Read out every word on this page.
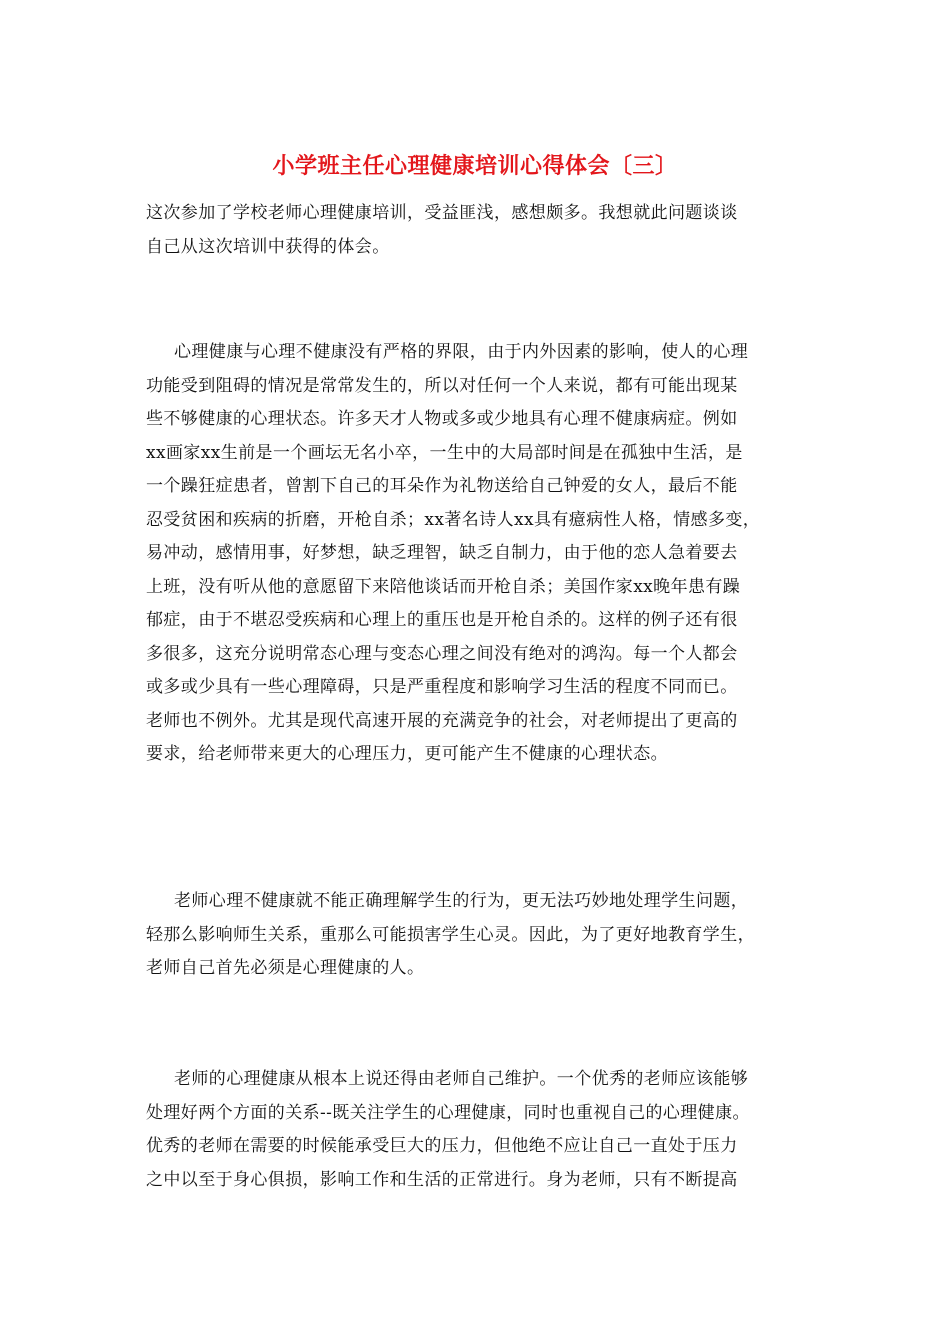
小学班主任心理健康培训心得体会〔三〕
这次参加了学校老师心理健康培训，受益匪浅，感想颇多。我想就此问题谈谈
自己从这次培训中获得的体会。
心理健康与心理不健康没有严格的界限，由于内外因素的影响，使人的心理
功能受到阻碍的情况是常常发生的，所以对任何一个人来说，都有可能出现某
些不够健康的心理状态。许多天才人物或多或少地具有心理不健康病症。例如
xx画家xx生前是一个画坛无名小卒，一生中的大局部时间是在孤独中生活，是
一个躁狂症患者，曾割下自己的耳朵作为礼物送给自己钟爱的女人，最后不能
忍受贫困和疾病的折磨，开枪自杀；xx著名诗人xx具有癔病性人格，情感多变，
易冲动，感情用事，好梦想，缺乏理智，缺乏自制力，由于他的恋人急着要去
上班，没有听从他的意愿留下来陪他谈话而开枪自杀；美国作家xx晚年患有躁
郁症，由于不堪忍受疾病和心理上的重压也是开枪自杀的。这样的例子还有很
多很多，这充分说明常态心理与变态心理之间没有绝对的鸿沟。每一个人都会
或多或少具有一些心理障碍，只是严重程度和影响学习生活的程度不同而已。
老师也不例外。尤其是现代高速开展的充满竞争的社会，对老师提出了更高的
要求，给老师带来更大的心理压力，更可能产生不健康的心理状态。
老师心理不健康就不能正确理解学生的行为，更无法巧妙地处理学生问题，
轻那么影响师生关系，重那么可能损害学生心灵。因此，为了更好地教育学生，
老师自己首先必须是心理健康的人。
老师的心理健康从根本上说还得由老师自己维护。一个优秀的老师应该能够
处理好两个方面的关系--既关注学生的心理健康，同时也重视自己的心理健康。
优秀的老师在需要的时候能承受巨大的压力，但他绝不应让自己一直处于压力
之中以至于身心俱损，影响工作和生活的正常进行。身为老师，只有不断提高
